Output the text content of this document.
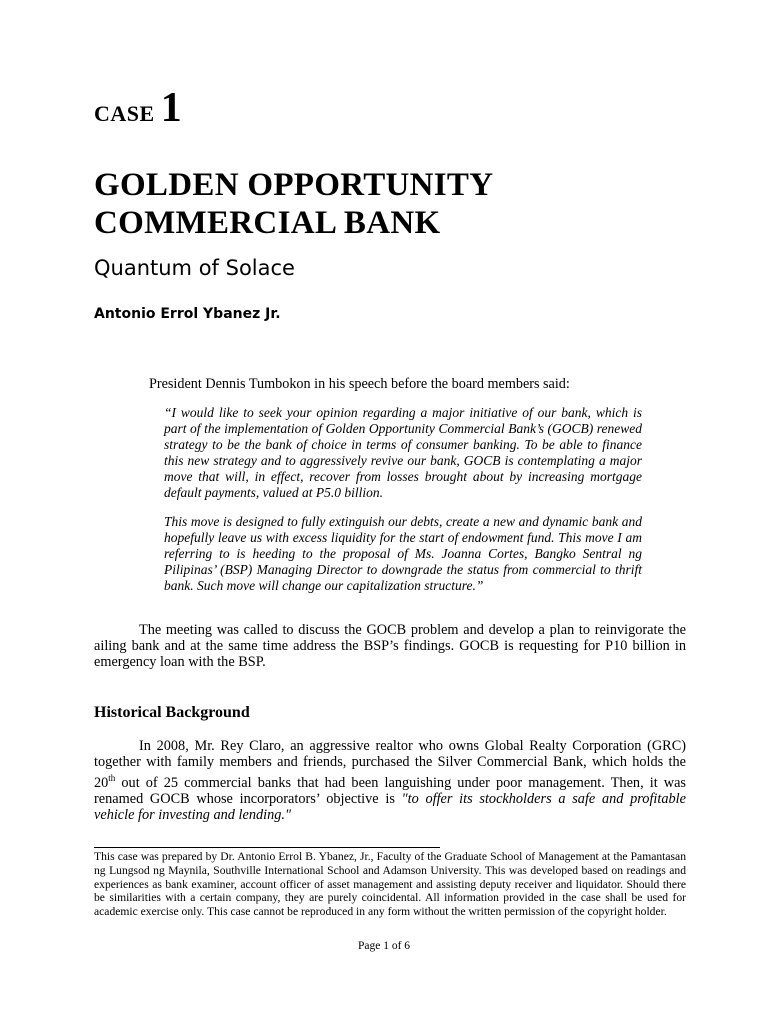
CASE 1
GOLDEN OPPORTUNITY COMMERCIAL BANK
Quantum of Solace
Antonio Errol Ybanez Jr.

President Dennis Tumbokon in his speech before the board members said:

“I would like to seek your opinion regarding a major initiative of our bank, which is part of the implementation of Golden Opportunity Commercial Bank’s (GOCB) renewed strategy to be the bank of choice in terms of consumer banking. To be able to finance this new strategy and to aggressively revive our bank, GOCB is contemplating a major move that will, in effect, recover from losses brought about by increasing mortgage default payments, valued at P5.0 billion.

This move is designed to fully extinguish our debts, create a new and dynamic bank and hopefully leave us with excess liquidity for the start of endowment fund. This move I am referring to is heeding to the proposal of Ms. Joanna Cortes, Bangko Sentral ng Pilipinas’ (BSP) Managing Director to downgrade the status from commercial to thrift bank. Such move will change our capitalization structure.”

The meeting was called to discuss the GOCB problem and develop a plan to reinvigorate the ailing bank and at the same time address the BSP’s findings. GOCB is requesting for P10 billion in emergency loan with the BSP.

Historical Background

In 2008, Mr. Rey Claro, an aggressive realtor who owns Global Realty Corporation (GRC) together with family members and friends, purchased the Silver Commercial Bank, which holds the 20th out of 25 commercial banks that had been languishing under poor management. Then, it was renamed GOCB whose incorporators’ objective is "to offer its stockholders a safe and profitable vehicle for investing and lending."

This case was prepared by Dr. Antonio Errol B. Ybanez, Jr., Faculty of the Graduate School of Management at the Pamantasan ng Lungsod ng Maynila, Southville International School and Adamson University. This was developed based on readings and experiences as bank examiner, account officer of asset management and assisting deputy receiver and liquidator. Should there be similarities with a certain company, they are purely coincidental. All information provided in the case shall be used for academic exercise only. This case cannot be reproduced in any form without the written permission of the copyright holder.

Page 1 of 6
